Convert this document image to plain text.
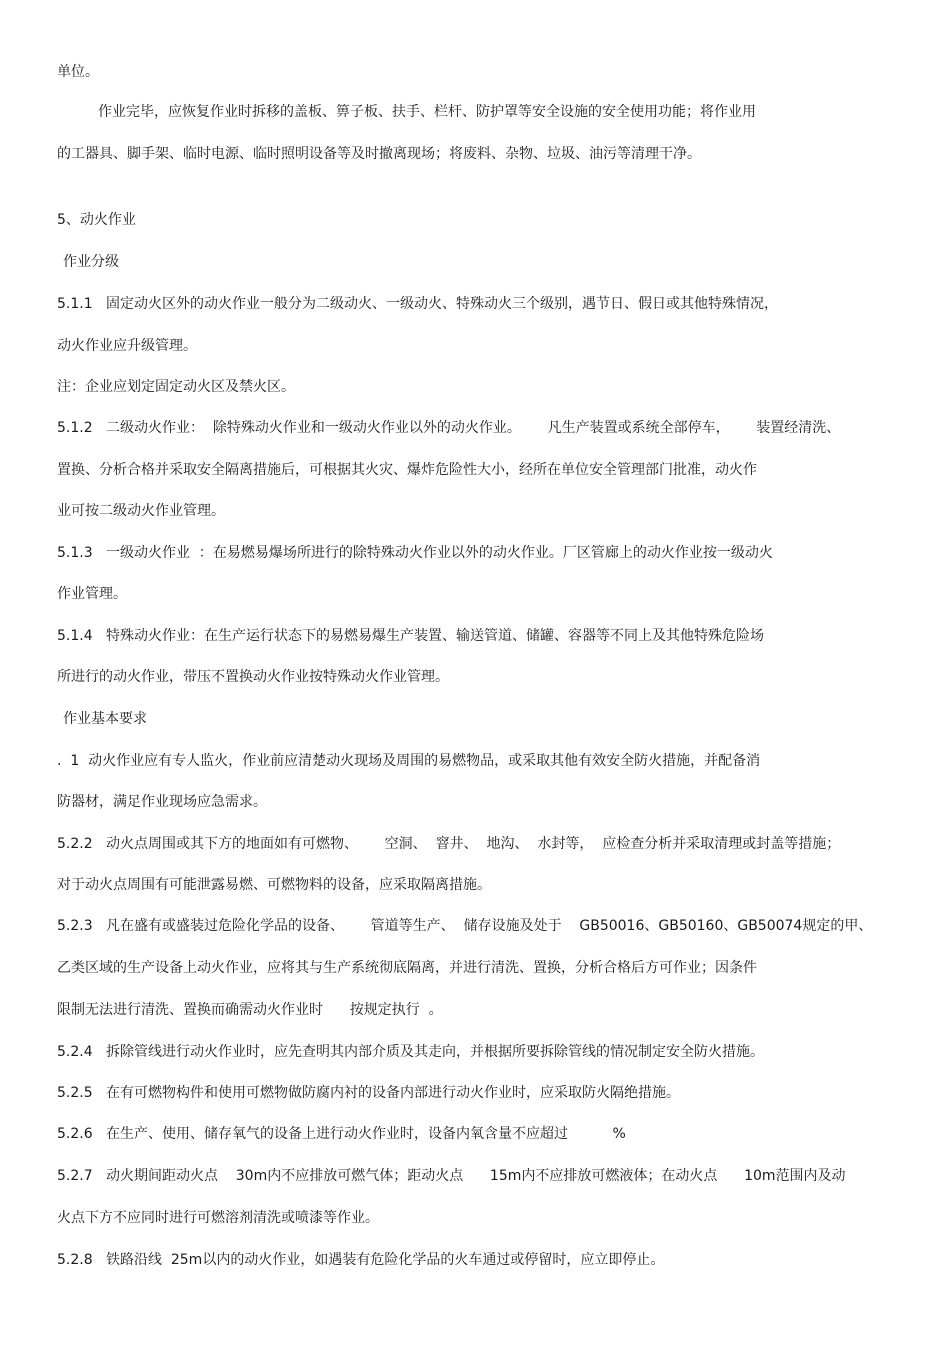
单位。

作业完毕，应恢复作业时拆移的盖板、箅子板、扶手、栏杆、防护罩等安全设施的安全使用功能；将作业用

的工器具、脚手架、临时电源、临时照明设备等及时撤离现场；将废料、杂物、垃圾、油污等清理干净。

5、动火作业

作业分级

5.1.1   固定动火区外的动火作业一般分为二级动火、一级动火、特殊动火三个级别，遇节日、假日或其他特殊情况，

动火作业应升级管理。

注：企业应划定固定动火区及禁火区。

5.1.2   二级动火作业：  除特殊动火作业和一级动火作业以外的动火作业。      凡生产装置或系统全部停车，      装置经清洗、

置换、分析合格并采取安全隔离措施后，可根据其火灾、爆炸危险性大小，经所在单位安全管理部门批准，动火作

业可按二级动火作业管理。

5.1.3   一级动火作业  ：在易燃易爆场所进行的除特殊动火作业以外的动火作业。厂区管廊上的动火作业按一级动火

作业管理。

5.1.4   特殊动火作业：在生产运行状态下的易燃易爆生产装置、输送管道、储罐、容器等不同上及其他特殊危险场

所进行的动火作业，带压不置换动火作业按特殊动火作业管理。

作业基本要求

.  1  动火作业应有专人监火，作业前应清楚动火现场及周围的易燃物品，或采取其他有效安全防火措施，并配备消

防器材，满足作业现场应急需求。

5.2.2   动火点周围或其下方的地面如有可燃物、      空洞、  窨井、  地沟、  水封等，  应检查分析并采取清理或封盖等措施；

对于动火点周围有可能泄露易燃、可燃物料的设备，应采取隔离措施。

5.2.3   凡在盛有或盛装过危险化学品的设备、      管道等生产、  储存设施及处于    GB50016、GB50160、GB50074规定的甲、

乙类区域的生产设备上动火作业，应将其与生产系统彻底隔离，并进行清洗、置换，分析合格后方可作业；因条件

限制无法进行清洗、置换而确需动火作业时      按规定执行  。

5.2.4   拆除管线进行动火作业时，应先查明其内部介质及其走向，并根据所要拆除管线的情况制定安全防火措施。

5.2.5   在有可燃物构件和使用可燃物做防腐内衬的设备内部进行动火作业时，应采取防火隔绝措施。

5.2.6   在生产、使用、储存氧气的设备上进行动火作业时，设备内氧含量不应超过          %

5.2.7   动火期间距动火点    30m内不应排放可燃气体；距动火点      15m内不应排放可燃液体；在动火点      10m范围内及动

火点下方不应同时进行可燃溶剂清洗或喷漆等作业。

5.2.8   铁路沿线  25m以内的动火作业，如遇装有危险化学品的火车通过或停留时，应立即停止。
